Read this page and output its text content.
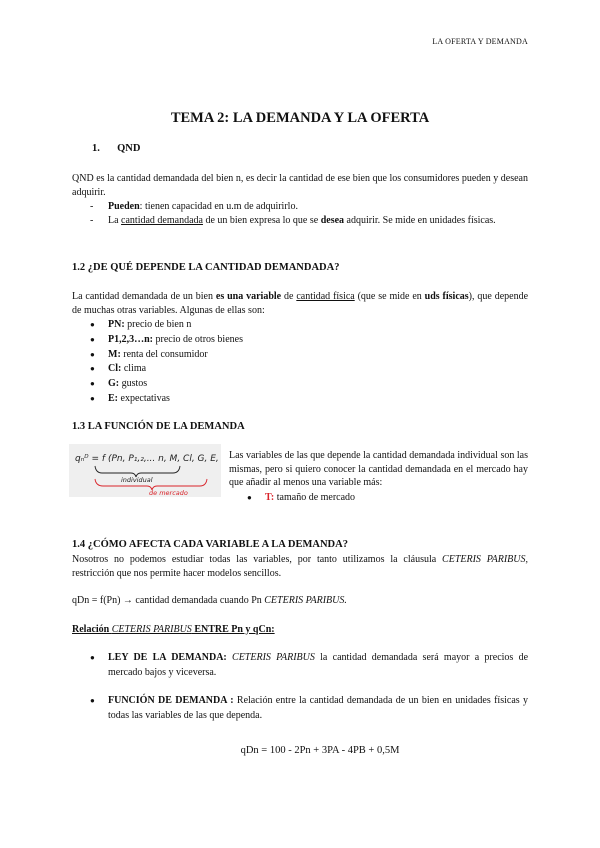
LA OFERTA Y DEMANDA
TEMA 2: LA DEMANDA Y LA OFERTA
1. QND

QND es la cantidad demandada del bien n, es decir la cantidad de ese bien que los consumidores pueden y desean adquirir.

- Pueden: tienen capacidad en u.m de adquirirlo.
- La cantidad demandada de un bien expresa lo que se desea adquirir. Se mide en unidades físicas.
1.2 ¿DE QUÉ DEPENDE LA CANTIDAD DEMANDADA?

La cantidad demandada de un bien es una variable de cantidad física (que se mide en uds físicas), que depende de muchas otras variables. Algunas de ellas son:

● PN: precio de bien n
● P1,2,3…n: precio de otros bienes
● M: renta del consumidor
● Cl: clima
● G: gustos
● E: expectativas
1.3 LA FUNCIÓN DE LA DEMANDA
qₙᴰ = f (Pn, P₁,₂,... n, M, Cl, G, E, T)
individual
de mercado

Las variables de las que depende la cantidad demandada individual son las mismas, pero si quiero conocer la cantidad demandada en el mercado hay que añadir al menos una variable más:

● T: tamaño de mercado
1.4 ¿CÓMO AFECTA CADA VARIABLE A LA DEMANDA?

Nosotros no podemos estudiar todas las variables, por tanto utilizamos la cláusula CETERIS PARIBUS, restricción que nos permite hacer modelos sencillos.

qDn = f(Pn) → cantidad demandada cuando Pn CETERIS PARIBUS.

Relación CETERIS PARIBUS ENTRE Pn y qCn:

● LEY DE LA DEMANDA: CETERIS PARIBUS la cantidad demandada será mayor a precios de mercado bajos y viceversa.
● FUNCIÓN DE DEMANDA : Relación entre la cantidad demandada de un bien en unidades físicas y todas las variables de las que dependa.
qDn = 100 - 2Pn + 3PA - 4PB + 0,5M
